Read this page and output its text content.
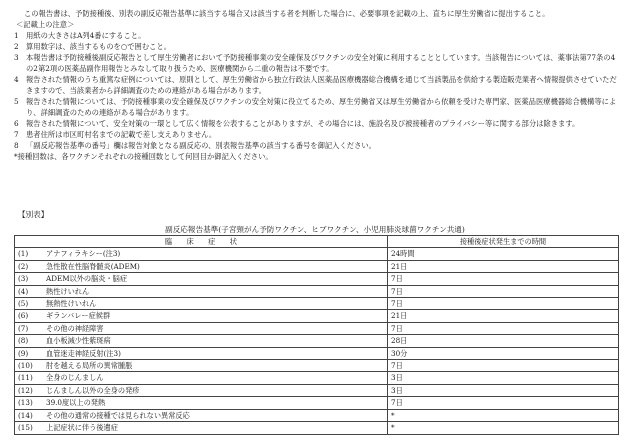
この報告書は、予防接種後、別表の副反応報告基準に該当する場合又は該当する者を判断した場合に、必要事項を記載の上、直ちに厚生労働省に提出すること。
＜記載上の注意＞
1	用紙の大きさはA列4番にすること。
2	算用数字は、該当するものを○で囲むこと。
3	本報告書は予防接種後副反応報告として厚生労働者において予防接種事業の安全確保及びワクチンの安全対策に利用することとしています。当該報告については、薬事法第77条の4の2第2項の医薬品副作用報告とみなして取り扱うため、医療機関から二重の報告は不要です。
4	報告された情報のうち重篤な症例については、原則として、厚生労働省から独立行政法人医薬品医療機器総合機構を通じて当該製品を供給する製造販売業者へ情報提供させていただきますので、当該業者から詳細調査のための連絡がある場合があります。
5	報告された情報については、予防接種事業の安全確保及びワクチンの安全対策に役立てるため、厚生労働省又は厚生労働省から依頼を受けた専門家、医薬品医療機器総合機構等により、詳細調査のための連絡がある場合があります。
6	報告された情報について、安全対策の一環として広く情報を公表することがありますが、その場合には、施設名及び被接種者のプライバシー等に関する部分は除きます。
7	患者住所は市区町村名までの記載で差し支えありません。
8	「副反応報告基準の番号」欄は報告対象となる副反応の、別表報告基準の該当する番号を御記入ください。
*接種回数は、各ワクチンそれぞれの接種回数として何回目か御記入ください。
【別表】
副反応報告基準(子宮頸がん予防ワクチン、ヒブワクチン、小児用肺炎球菌ワクチン共通)
臨　　床　　症　　状	接種後症状発生までの時間
(1) アナフィラキシー(注3)	24時間
(2) 急性散在性脳脊髄炎(ADEM)	21日
(3) ADEM以外の脳炎・脳症	7日
(4) 熱性けいれん	7日
(5) 無熱性けいれん	7日
(6) ギランバレー症候群	21日
(7) その他の神経障害	7日
(8) 血小板減少性紫斑病	28日
(9) 血管迷走神経反射(注3)	30分
(10) 肘を越える局所の異常腫脹	7日
(11) 全身のじんましん	3日
(12) じんましん以外の全身の発疹	3日
(13) 39.0度以上の発熱	7日
(14) その他の通常の接種では見られない異常反応	*
(15) 上記症状に伴う後遺症	*
